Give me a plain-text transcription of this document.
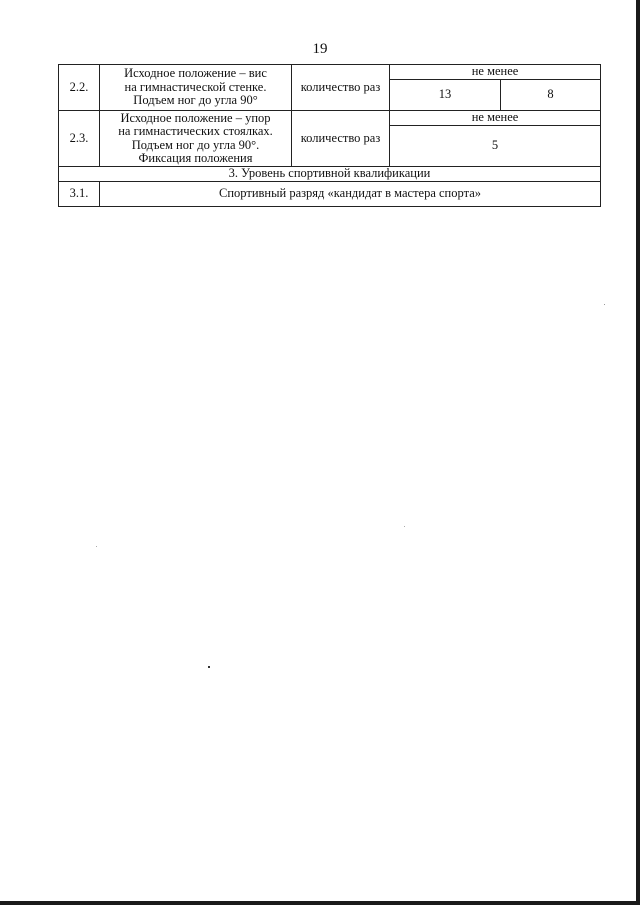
19
2.2.	Исходное положение – вис
на гимнастической стенке.
Подъем ног до угла 90°	количество раз	не менее	
			13	8
2.3.	Исходное положение – упор
на гимнастических стоялках.
Подъем ног до угла 90°.
Фиксация положения	количество раз	не менее	
			5	
3. Уровень спортивной квалификации				
3.1.	Спортивный разряд «кандидат в мастера спорта»			
